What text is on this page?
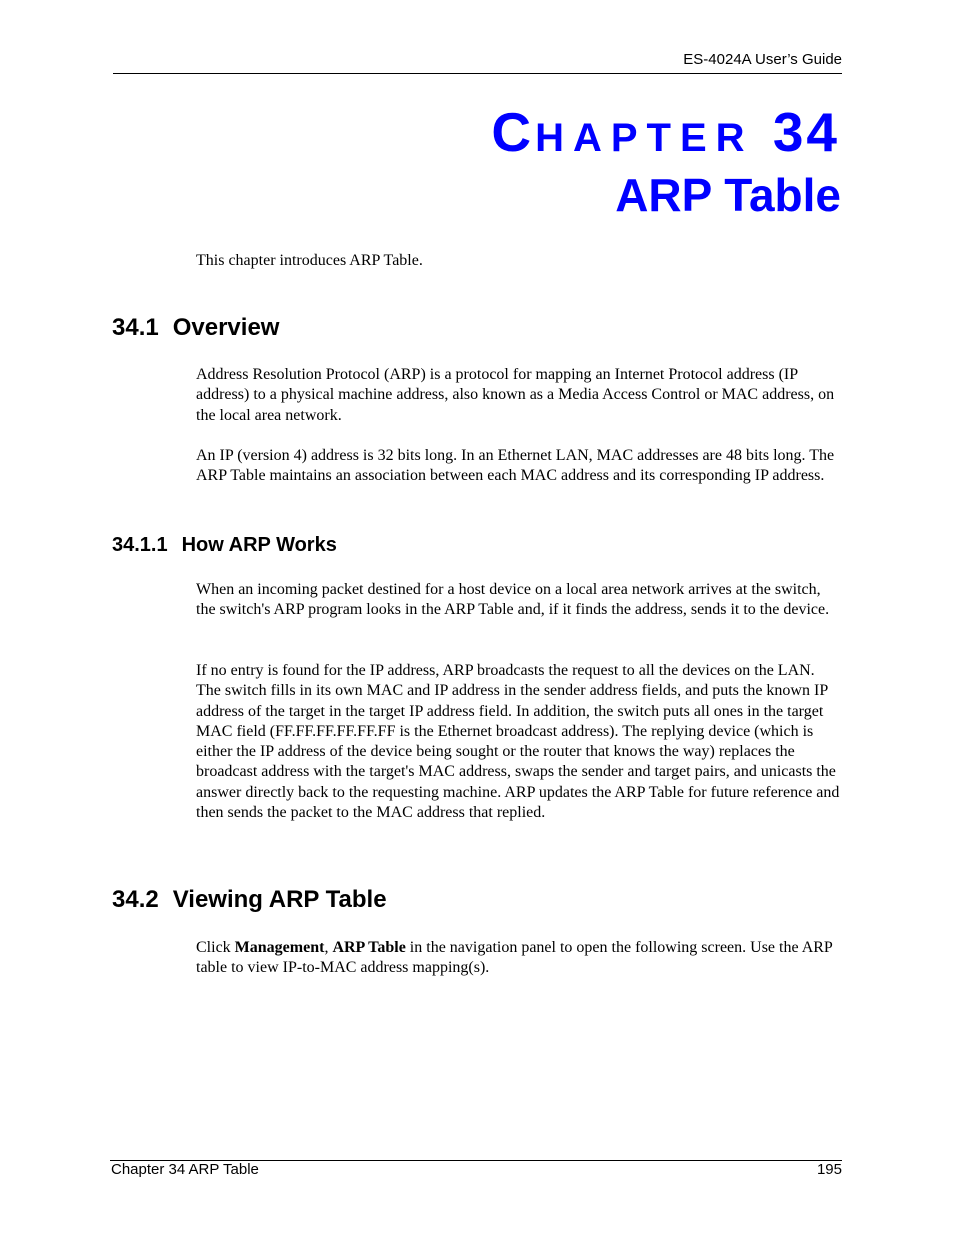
ES-4024A User’s Guide
CHAPTER 34
ARP Table

This chapter introduces ARP Table.

34.1 Overview

Address Resolution Protocol (ARP) is a protocol for mapping an Internet Protocol address (IP address) to a physical machine address, also known as a Media Access Control or MAC address, on the local area network.

An IP (version 4) address is 32 bits long. In an Ethernet LAN, MAC addresses are 48 bits long. The ARP Table maintains an association between each MAC address and its corresponding IP address.

34.1.1 How ARP Works

When an incoming packet destined for a host device on a local area network arrives at the switch, the switch's ARP program looks in the ARP Table and, if it finds the address, sends it to the device.

If no entry is found for the IP address, ARP broadcasts the request to all the devices on the LAN. The switch fills in its own MAC and IP address in the sender address fields, and puts the known IP address of the target in the target IP address field. In addition, the switch puts all ones in the target MAC field (FF.FF.FF.FF.FF.FF is the Ethernet broadcast address). The replying device (which is either the IP address of the device being sought or the router that knows the way) replaces the broadcast address with the target's MAC address, swaps the sender and target pairs, and unicasts the answer directly back to the requesting machine. ARP updates the ARP Table for future reference and then sends the packet to the MAC address that replied.

34.2 Viewing ARP Table

Click Management, ARP Table in the navigation panel to open the following screen. Use the ARP table to view IP-to-MAC address mapping(s).

Chapter 34 ARP Table	195
